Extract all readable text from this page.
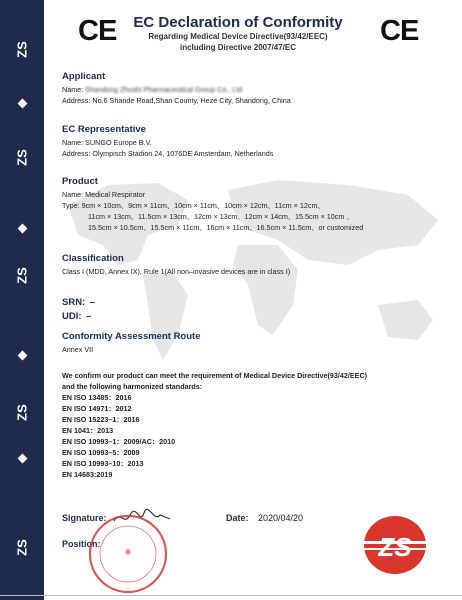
ZS
ZS
ZS
ZS
ZS
CE	CE
EC Declaration of Conformity
Regarding Medical Device Directive(93/42/EEC)
including Directive 2007/47/EC
Applicant
Name: Shandong Zhushi Pharmaceutical Group Co., Ltd
Address: No.6 Shande Road,Shan County, Heze City, Shandong, China
EC Representative
Name: SUNGO Europe B.V.
Address: Olympisch Stadion 24, 1076DE Amsterdam, Netherlands
Product
Name: Medical Respirator
Type: 9cm × 10cm、9cm × 11cm、10cm × 11cm、10cm × 12cm、11cm × 12cm、
11cm × 13cm、11.5cm × 13cm、12cm × 13cm、12cm × 14cm、15.5cm × 10cm 、
15.5cm × 10.5cm、15.5cm × 11cm、16cm × 11cm、16.5cm × 11.5cm、or customized
Classification
Class I (MDD, Annex IX), Rule 1(All non–invasive devices are in class I)
SRN: –
UDI: –
Conformity Assessment Route
Annex VII
We confirm our product can meet the requirement of Medical Device Directive(93/42/EEC)
and the following harmonized standards:
EN ISO 13485：2016
EN ISO 14971：2012
EN ISO 15223–1：2016
EN 1041：2013
EN ISO 10993–1：2009/AC：2010
EN ISO 10993–5：2009
EN ISO 10993–10：2013
EN 14683:2019
Signature:
Position:
Date: 2020/04/20
*	ZS
